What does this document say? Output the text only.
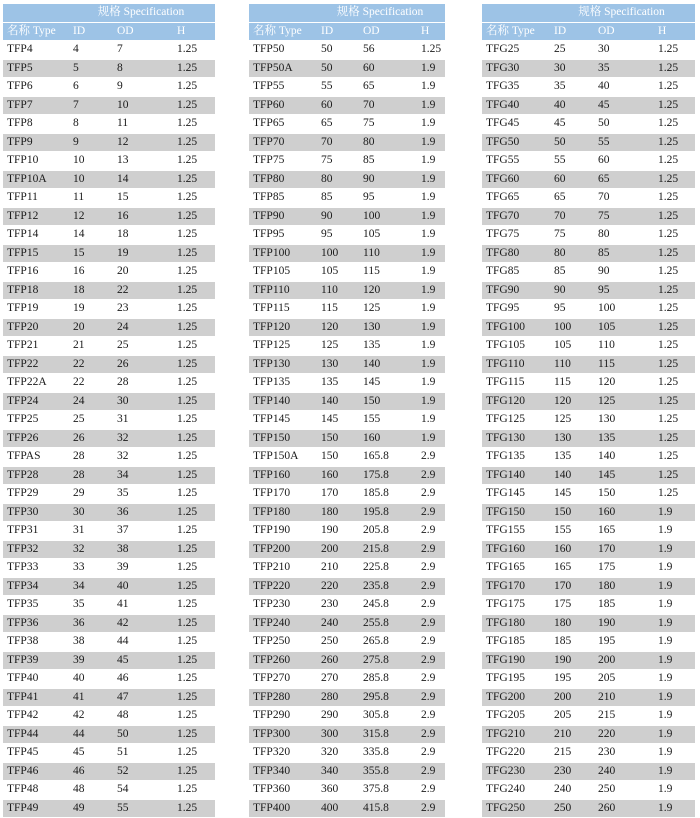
	规格 Specification		
名称 Type	ID	OD	H
TFP4	4	7	1.25
TFP5	5	8	1.25
TFP6	6	9	1.25
TFP7	7	10	1.25
TFP8	8	11	1.25
TFP9	9	12	1.25
TFP10	10	13	1.25
TFP10A	10	14	1.25
TFP11	11	15	1.25
TFP12	12	16	1.25
TFP14	14	18	1.25
TFP15	15	19	1.25
TFP16	16	20	1.25
TFP18	18	22	1.25
TFP19	19	23	1.25
TFP20	20	24	1.25
TFP21	21	25	1.25
TFP22	22	26	1.25
TFP22A	22	28	1.25
TFP24	24	30	1.25
TFP25	25	31	1.25
TFP26	26	32	1.25
TFPAS	28	32	1.25
TFP28	28	34	1.25
TFP29	29	35	1.25
TFP30	30	36	1.25
TFP31	31	37	1.25
TFP32	32	38	1.25
TFP33	33	39	1.25
TFP34	34	40	1.25
TFP35	35	41	1.25
TFP36	36	42	1.25
TFP38	38	44	1.25
TFP39	39	45	1.25
TFP40	40	46	1.25
TFP41	41	47	1.25
TFP42	42	48	1.25
TFP44	44	50	1.25
TFP45	45	51	1.25
TFP46	46	52	1.25
TFP48	48	54	1.25
TFP49	49	55	1.25
	规格 Specification		
名称 Type	ID	OD	H
TFP50	50	56	1.25
TFP50A	50	60	1.9
TFP55	55	65	1.9
TFP60	60	70	1.9
TFP65	65	75	1.9
TFP70	70	80	1.9
TFP75	75	85	1.9
TFP80	80	90	1.9
TFP85	85	95	1.9
TFP90	90	100	1.9
TFP95	95	105	1.9
TFP100	100	110	1.9
TFP105	105	115	1.9
TFP110	110	120	1.9
TFP115	115	125	1.9
TFP120	120	130	1.9
TFP125	125	135	1.9
TFP130	130	140	1.9
TFP135	135	145	1.9
TFP140	140	150	1.9
TFP145	145	155	1.9
TFP150	150	160	1.9
TFP150A	150	165.8	2.9
TFP160	160	175.8	2.9
TFP170	170	185.8	2.9
TFP180	180	195.8	2.9
TFP190	190	205.8	2.9
TFP200	200	215.8	2.9
TFP210	210	225.8	2.9
TFP220	220	235.8	2.9
TFP230	230	245.8	2.9
TFP240	240	255.8	2.9
TFP250	250	265.8	2.9
TFP260	260	275.8	2.9
TFP270	270	285.8	2.9
TFP280	280	295.8	2.9
TFP290	290	305.8	2.9
TFP300	300	315.8	2.9
TFP320	320	335.8	2.9
TFP340	340	355.8	2.9
TFP360	360	375.8	2.9
TFP400	400	415.8	2.9
	规格 Specification		
名称 Type	ID	OD	H
TFG25	25	30	1.25
TFG30	30	35	1.25
TFG35	35	40	1.25
TFG40	40	45	1.25
TFG45	45	50	1.25
TFG50	50	55	1.25
TFG55	55	60	1.25
TFG60	60	65	1.25
TFG65	65	70	1.25
TFG70	70	75	1.25
TFG75	75	80	1.25
TFG80	80	85	1.25
TFG85	85	90	1.25
TFG90	90	95	1.25
TFG95	95	100	1.25
TFG100	100	105	1.25
TFG105	105	110	1.25
TFG110	110	115	1.25
TFG115	115	120	1.25
TFG120	120	125	1.25
TFG125	125	130	1.25
TFG130	130	135	1.25
TFG135	135	140	1.25
TFG140	140	145	1.25
TFG145	145	150	1.25
TFG150	150	160	1.9
TFG155	155	165	1.9
TFG160	160	170	1.9
TFG165	165	175	1.9
TFG170	170	180	1.9
TFG175	175	185	1.9
TFG180	180	190	1.9
TFG185	185	195	1.9
TFG190	190	200	1.9
TFG195	195	205	1.9
TFG200	200	210	1.9
TFG205	205	215	1.9
TFG210	210	220	1.9
TFG220	215	230	1.9
TFG230	230	240	1.9
TFG240	240	250	1.9
TFG250	250	260	1.9
